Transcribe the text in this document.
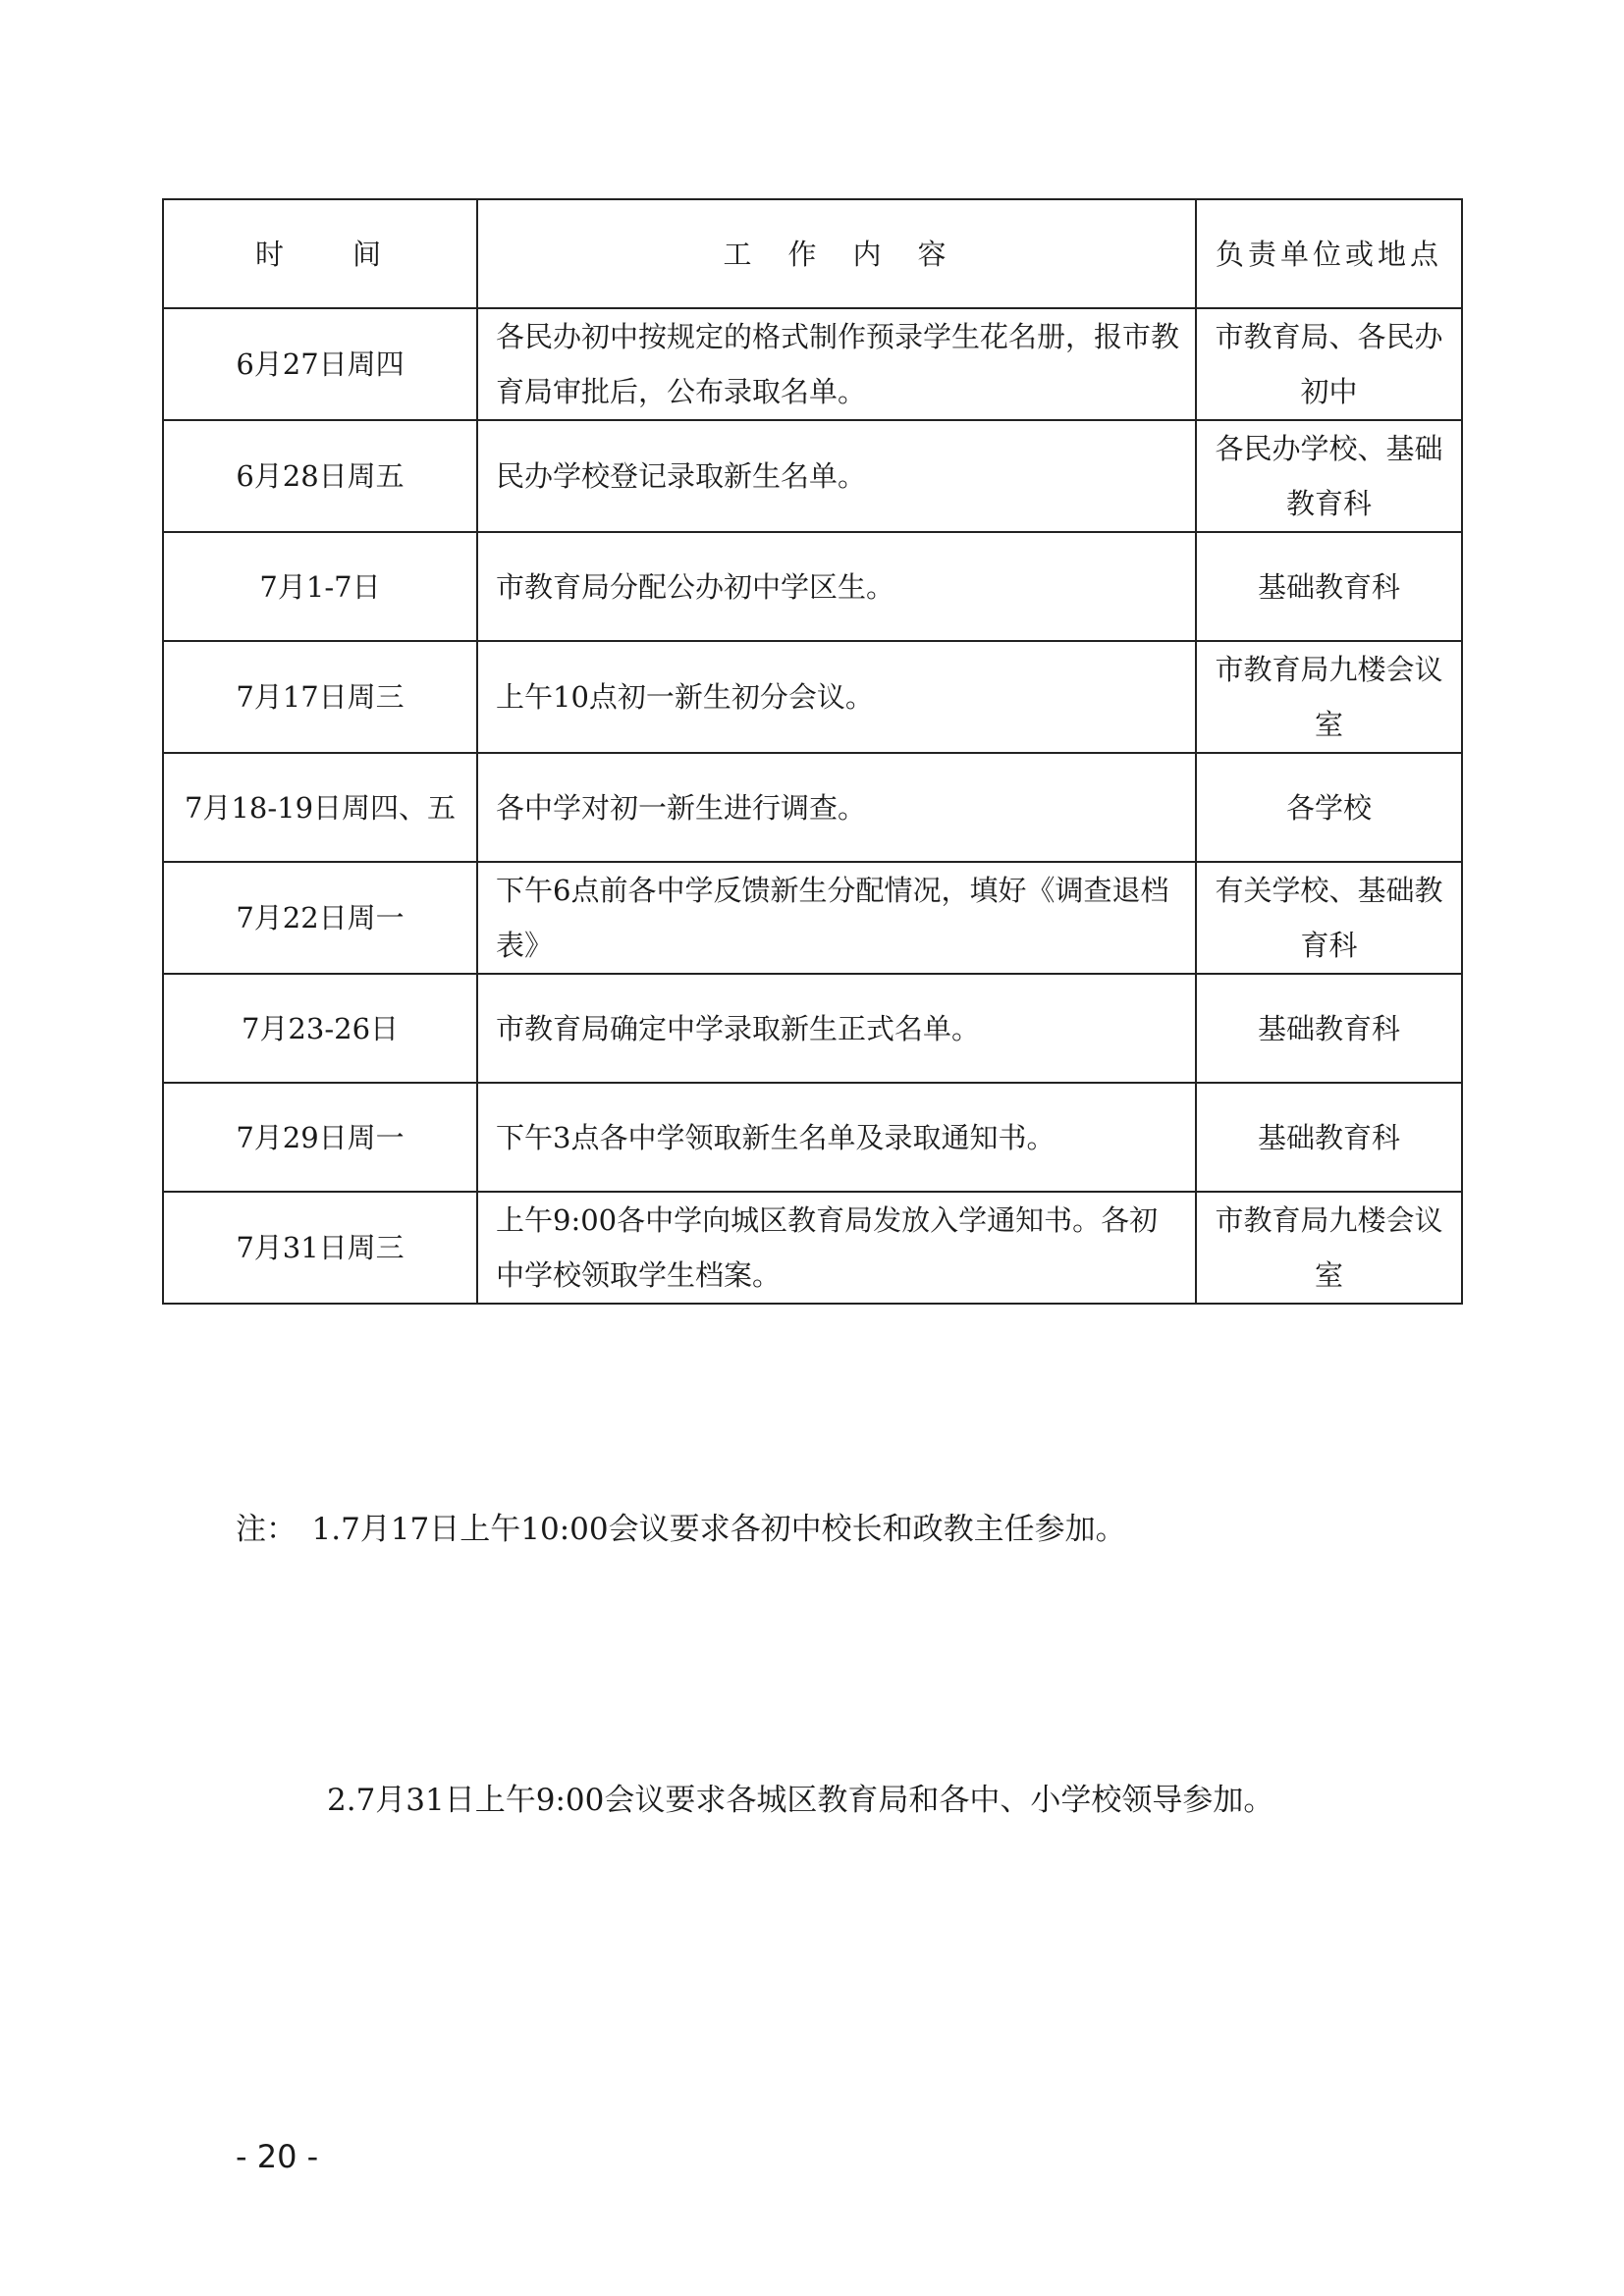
时　　间	工　作　内　容	负责单位或地点
6月27日周四	各民办初中按规定的格式制作预录学生花名册，报市教育局审批后，公布录取名单。	市教育局、各民办初中
6月28日周五	民办学校登记录取新生名单。	各民办学校、基础教育科
7月1-7日	市教育局分配公办初中学区生。	基础教育科
7月17日周三	上午10点初一新生初分会议。	市教育局九楼会议室
7月18-19日周四、五	各中学对初一新生进行调查。	各学校
7月22日周一	下午6点前各中学反馈新生分配情况，填好《调查退档表》	有关学校、基础教育科
7月23-26日	市教育局确定中学录取新生正式名单。	基础教育科
7月29日周一	下午3点各中学领取新生名单及录取通知书。	基础教育科
7月31日周三	上午9:00各中学向城区教育局发放入学通知书。各初中学校领取学生档案。	市教育局九楼会议室

注：　1.7月17日上午10:00会议要求各初中校长和政教主任参加。

　　　2.7月31日上午9:00会议要求各城区教育局和各中、小学校领导参加。

- 20 -
